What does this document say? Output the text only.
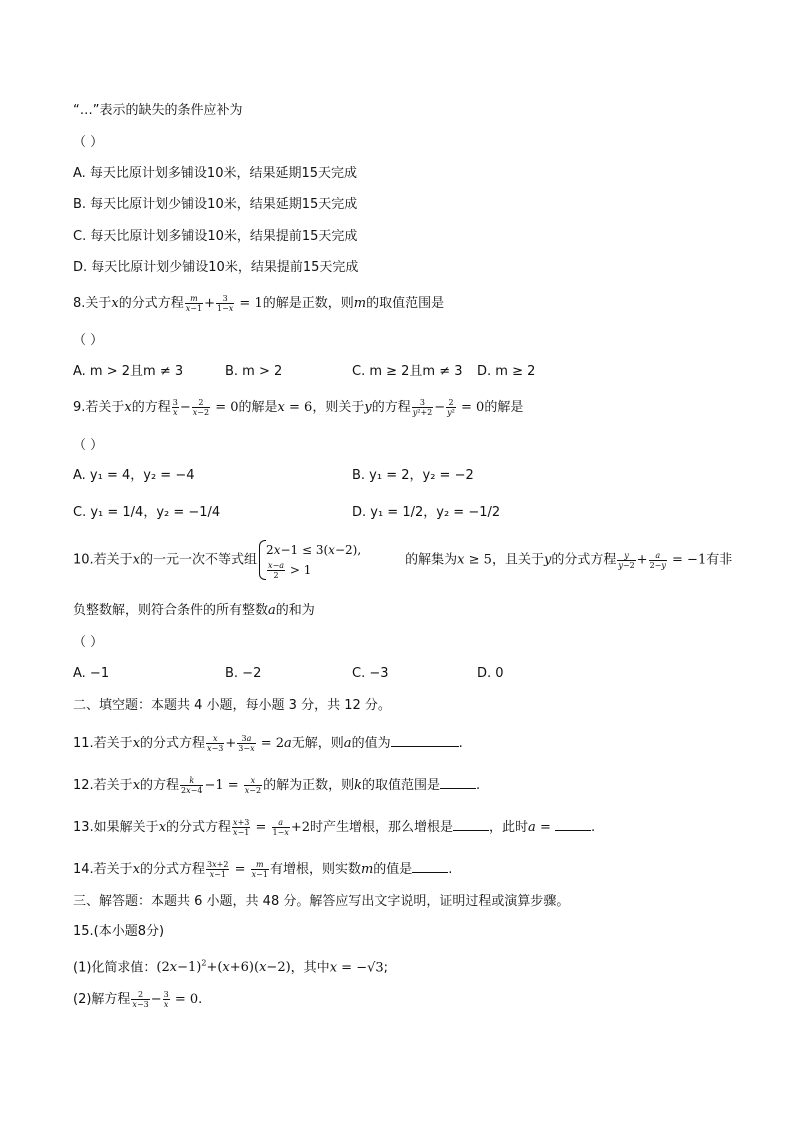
“…”表示的缺失的条件应补为
（ ）
A. 每天比原计划多铺设10米，结果延期15天完成
B. 每天比原计划少铺设10米，结果延期15天完成
C. 每天比原计划多铺设10米，结果提前15天完成
D. 每天比原计划少铺设10米，结果提前15天完成
8.关于x的分式方程 $\frac{m}{x-1} + \frac{3}{1-x} = 1$的解是正数，则m的取值范围是
（ ）
A. m > 2且m ≠ 3	B. m > 2	C. m ≥ 2且m ≠ 3 D. m ≥ 2
9.若关于x的方程 $\frac{3}{x} - \frac{2}{x-2} = 0$的解是x = 6，则关于y的方程 $\frac{3}{\text{y²+2}} - \frac{2}{\text{y²}} = 0$的解是
（ ）
A. y₁ = 4，y₂ = −4	B. y₁ = 2，y₂ = −2
C. y₁ = 1/4，y₂ = −1/4	D. y₁ = 1/2，y₂ = −1/2
10.若关于x的一元一次不等式组
2x−1 ≤ 3(x−2),
$\frac{x-a}{2} > 1$
的解集为x ≥ 5，且关于y的分式方程 $\frac{y}{y-2} + \frac{a}{2-y} = -1$有非
负整数解，则符合条件的所有整数a的和为
（ ）
A. −1	B. −2	C. −3	D. 0
二、填空题：本题共 4 小题，每小题 3 分，共 12 分。
11.若关于x的分式方程 $\frac{x}{x-3} + \frac{3a}{3-x} = 2a$无解，则a的值为	.
12.若关于x的方程 $\frac{k}{2x-4} -1 = \frac{x}{x-2}$ 的解为正数，则k的取值范围是	.
13.如果解关于x的分式方程 $\frac{x+3}{x-1} = \frac{a}{1-x} +2$时产生增根，那么增根是	，此时a =	.
14.若关于x的分式方程 $\frac{3x+2}{x-1} = \frac{m}{x-1}$ 有增根，则实数m的值是	.
三、解答题：本题共 6 小题，共 48 分。解答应写出文字说明，证明过程或演算步骤。
15.(本小题8分)
(1)化简求值：$(2x-1)^2+(x+6)(x-2)$，其中x = −√3;
(2)解方程 $\frac{2}{x-3} - \frac{3}{x} = 0$.
